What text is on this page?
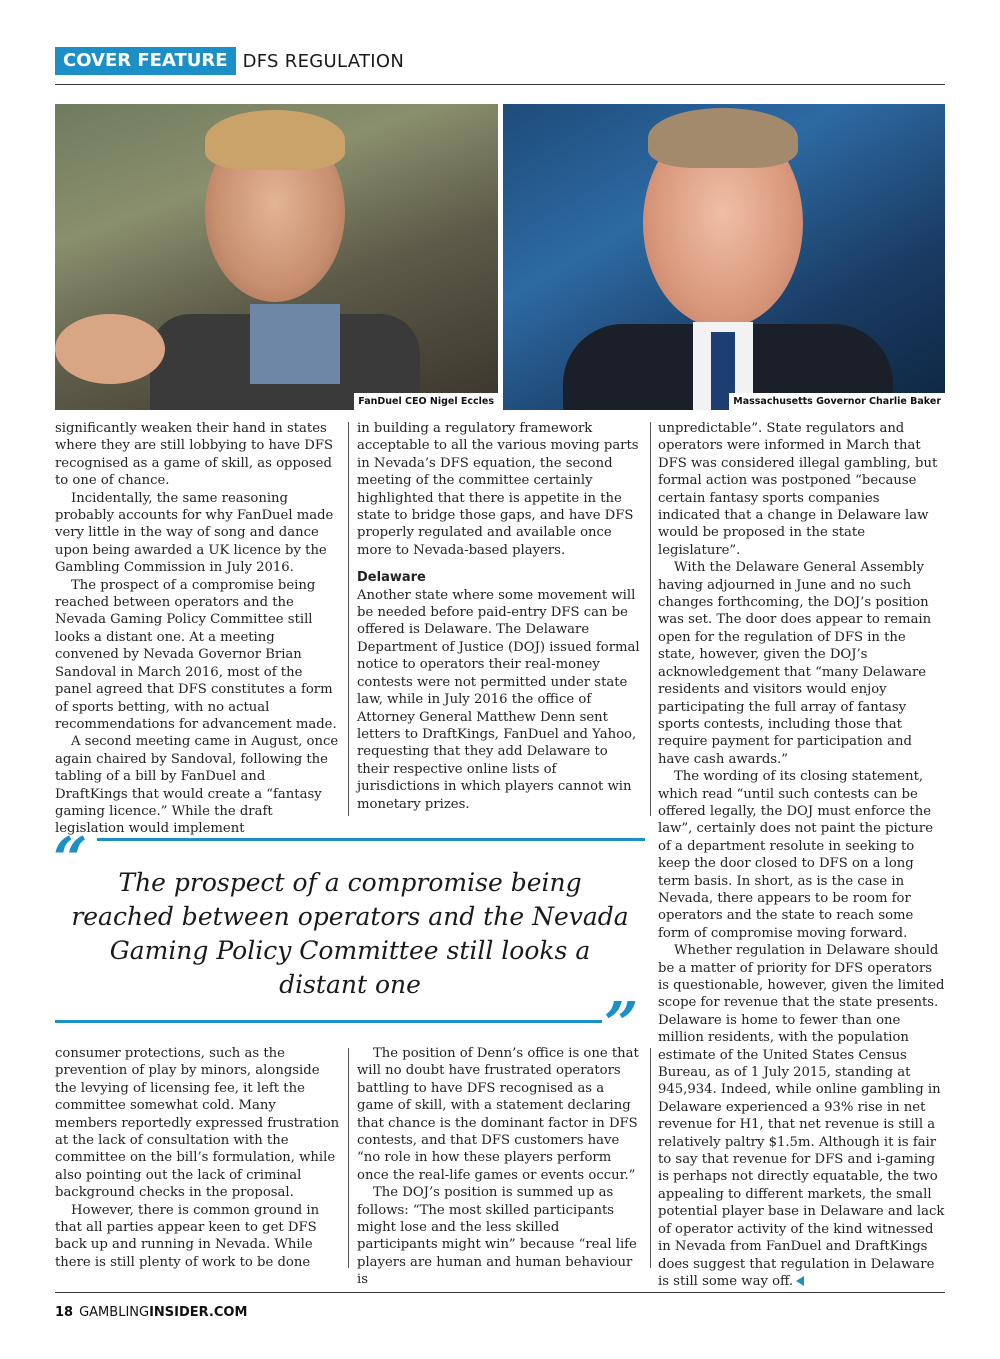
COVER FEATURE DFS REGULATION
FanDuel CEO Nigel Eccles	Massachusetts Governor Charlie Baker

significantly weaken their hand in states where they are still lobbying to have DFS recognised as a game of skill, as opposed to one of chance.

Incidentally, the same reasoning probably accounts for why FanDuel made very little in the way of song and dance upon being awarded a UK licence by the Gambling Commission in July 2016.

The prospect of a compromise being reached between operators and the Nevada Gaming Policy Committee still looks a distant one. At a meeting convened by Nevada Governor Brian Sandoval in March 2016, most of the panel agreed that DFS constitutes a form of sports betting, with no actual recommendations for advancement made.

A second meeting came in August, once again chaired by Sandoval, following the tabling of a bill by FanDuel and DraftKings that would create a “fantasy gaming licence.” While the draft legislation would implement

in building a regulatory framework acceptable to all the various moving parts in Nevada’s DFS equation, the second meeting of the committee certainly highlighted that there is appetite in the state to bridge those gaps, and have DFS properly regulated and available once more to Nevada-based players.

Delaware

Another state where some movement will be needed before paid-entry DFS can be offered is Delaware. The Delaware Department of Justice (DOJ) issued formal notice to operators their real-money contests were not permitted under state law, while in July 2016 the office of Attorney General Matthew Denn sent letters to DraftKings, FanDuel and Yahoo, requesting that they add Delaware to their respective online lists of jurisdictions in which players cannot win monetary prizes.

unpredictable”. State regulators and operators were informed in March that DFS was considered illegal gambling, but formal action was postponed “because certain fantasy sports companies indicated that a change in Delaware law would be proposed in the state legislature”.

With the Delaware General Assembly having adjourned in June and no such changes forthcoming, the DOJ’s position was set. The door does appear to remain open for the regulation of DFS in the state, however, given the DOJ’s acknowledgement that “many Delaware residents and visitors would enjoy participating the full array of fantasy sports contests, including those that require payment for participation and have cash awards.”

The wording of its closing statement, which read “until such contests can be offered legally, the DOJ must enforce the law”, certainly does not paint the picture of a department resolute in seeking to keep the door closed to DFS on a long term basis. In short, as is the case in Nevada, there appears to be room for operators and the state to reach some form of compromise moving forward.

Whether regulation in Delaware should be a matter of priority for DFS operators is questionable, however, given the limited scope for revenue that the state presents. Delaware is home to fewer than one million residents, with the population estimate of the United States Census Bureau, as of 1 July 2015, standing at 945,934. Indeed, while online gambling in Delaware experienced a 93% rise in net revenue for H1, that net revenue is still a relatively paltry $1.5m. Although it is fair to say that revenue for DFS and i-gaming is perhaps not directly equatable, the two appealing to different markets, the small potential player base in Delaware and lack of operator activity of the kind witnessed in Nevada from FanDuel and DraftKings does suggest that regulation in Delaware is still some way off.

“	The prospect of a compromise being reached between operators and the Nevada Gaming Policy Committee still looks a distant one
”

consumer protections, such as the prevention of play by minors, alongside the levying of licensing fee, it left the committee somewhat cold. Many members reportedly expressed frustration at the lack of consultation with the committee on the bill’s formulation, while also pointing out the lack of criminal background checks in the proposal.

However, there is common ground in that all parties appear keen to get DFS back up and running in Nevada. While there is still plenty of work to be done

The position of Denn’s office is one that will no doubt have frustrated operators battling to have DFS recognised as a game of skill, with a statement declaring that chance is the dominant factor in DFS contests, and that DFS customers have “no role in how these players perform once the real-life games or events occur.”

The DOJ’s position is summed up as follows: “The most skilled participants might lose and the less skilled participants might win” because “real life players are human and human behaviour is

18 GAMBLINGINSIDER.COM
